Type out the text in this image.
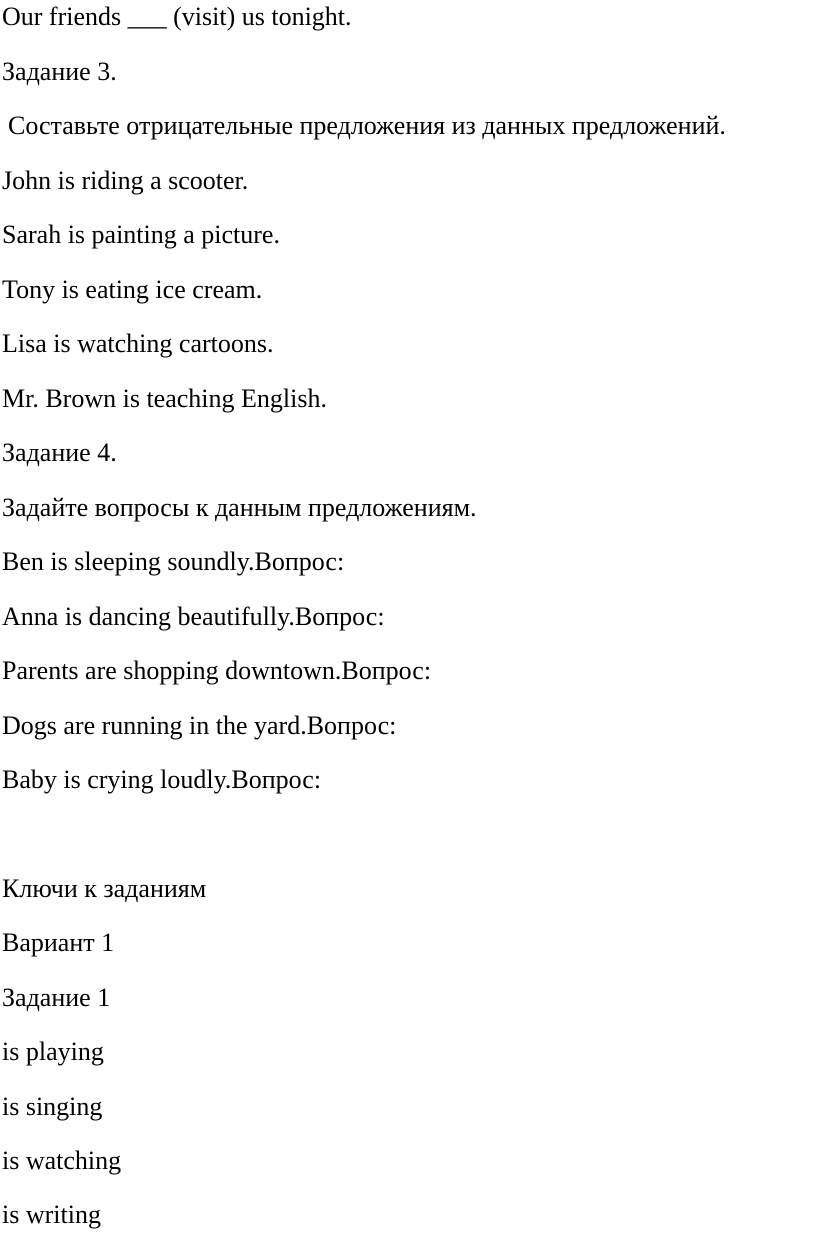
Our friends ___ (visit) us tonight.
Задание 3.
Составьте отрицательные предложения из данных предложений.
John is riding a scooter.
Sarah is painting a picture.
Tony is eating ice cream.
Lisa is watching cartoons.
Mr. Brown is teaching English.
Задание 4.
Задайте вопросы к данным предложениям.
Ben is sleeping soundly.Вопрос:
Anna is dancing beautifully.Вопрос:
Parents are shopping downtown.Вопрос:
Dogs are running in the yard.Вопрос:
Baby is crying loudly.Вопрос:
Ключи к заданиям
Вариант 1
Задание 1
is playing
is singing
is watching
is writing
